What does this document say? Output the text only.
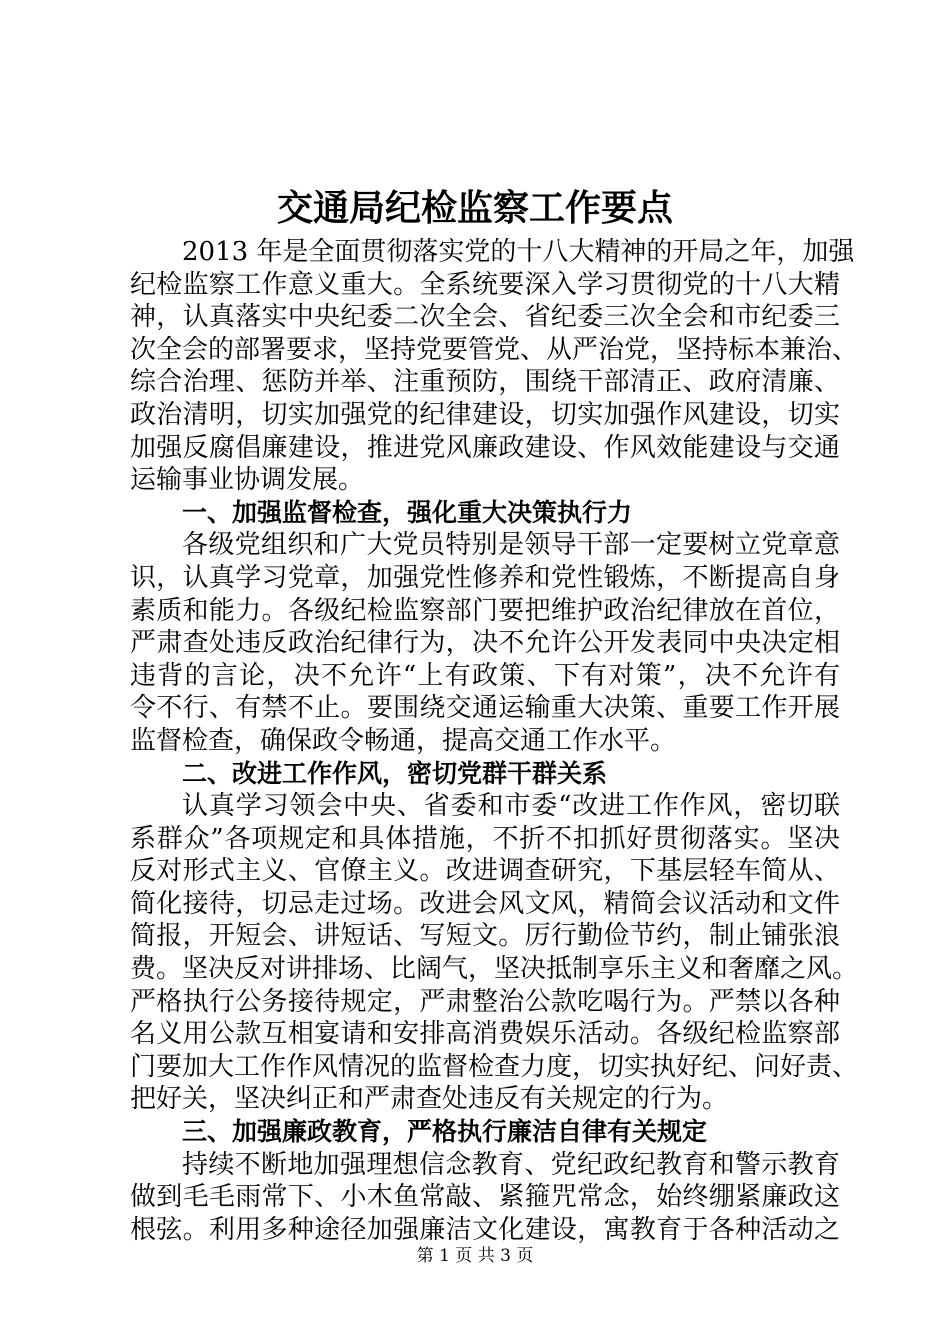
交通局纪检监察工作要点
2013 年是全面贯彻落实党的十八大精神的开局之年，加强
纪检监察工作意义重大。全系统要深入学习贯彻党的十八大精
神，认真落实中央纪委二次全会、省纪委三次全会和市纪委三
次全会的部署要求，坚持党要管党、从严治党，坚持标本兼治、
综合治理、惩防并举、注重预防，围绕干部清正、政府清廉、
政治清明，切实加强党的纪律建设，切实加强作风建设，切实
加强反腐倡廉建设，推进党风廉政建设、作风效能建设与交通
运输事业协调发展。
一、加强监督检查，强化重大决策执行力
各级党组织和广大党员特别是领导干部一定要树立党章意
识，认真学习党章，加强党性修养和党性锻炼，不断提高自身
素质和能力。各级纪检监察部门要把维护政治纪律放在首位，
严肃查处违反政治纪律行为，决不允许公开发表同中央决定相
违背的言论，决不允许“上有政策、下有对策”，决不允许有
令不行、有禁不止。要围绕交通运输重大决策、重要工作开展
监督检查，确保政令畅通，提高交通工作水平。
二、改进工作作风，密切党群干群关系
认真学习领会中央、省委和市委“改进工作作风，密切联
系群众”各项规定和具体措施，不折不扣抓好贯彻落实。坚决
反对形式主义、官僚主义。改进调查研究，下基层轻车简从、
简化接待，切忌走过场。改进会风文风，精简会议活动和文件
简报，开短会、讲短话、写短文。厉行勤俭节约，制止铺张浪
费。坚决反对讲排场、比阔气，坚决抵制享乐主义和奢靡之风。
严格执行公务接待规定，严肃整治公款吃喝行为。严禁以各种
名义用公款互相宴请和安排高消费娱乐活动。各级纪检监察部
门要加大工作作风情况的监督检查力度，切实执好纪、问好责、
把好关，坚决纠正和严肃查处违反有关规定的行为。
三、加强廉政教育，严格执行廉洁自律有关规定
持续不断地加强理想信念教育、党纪政纪教育和警示教育
做到毛毛雨常下、小木鱼常敲、紧箍咒常念，始终绷紧廉政这
根弦。利用多种途径加强廉洁文化建设，寓教育于各种活动之
第 1 页 共 3 页
